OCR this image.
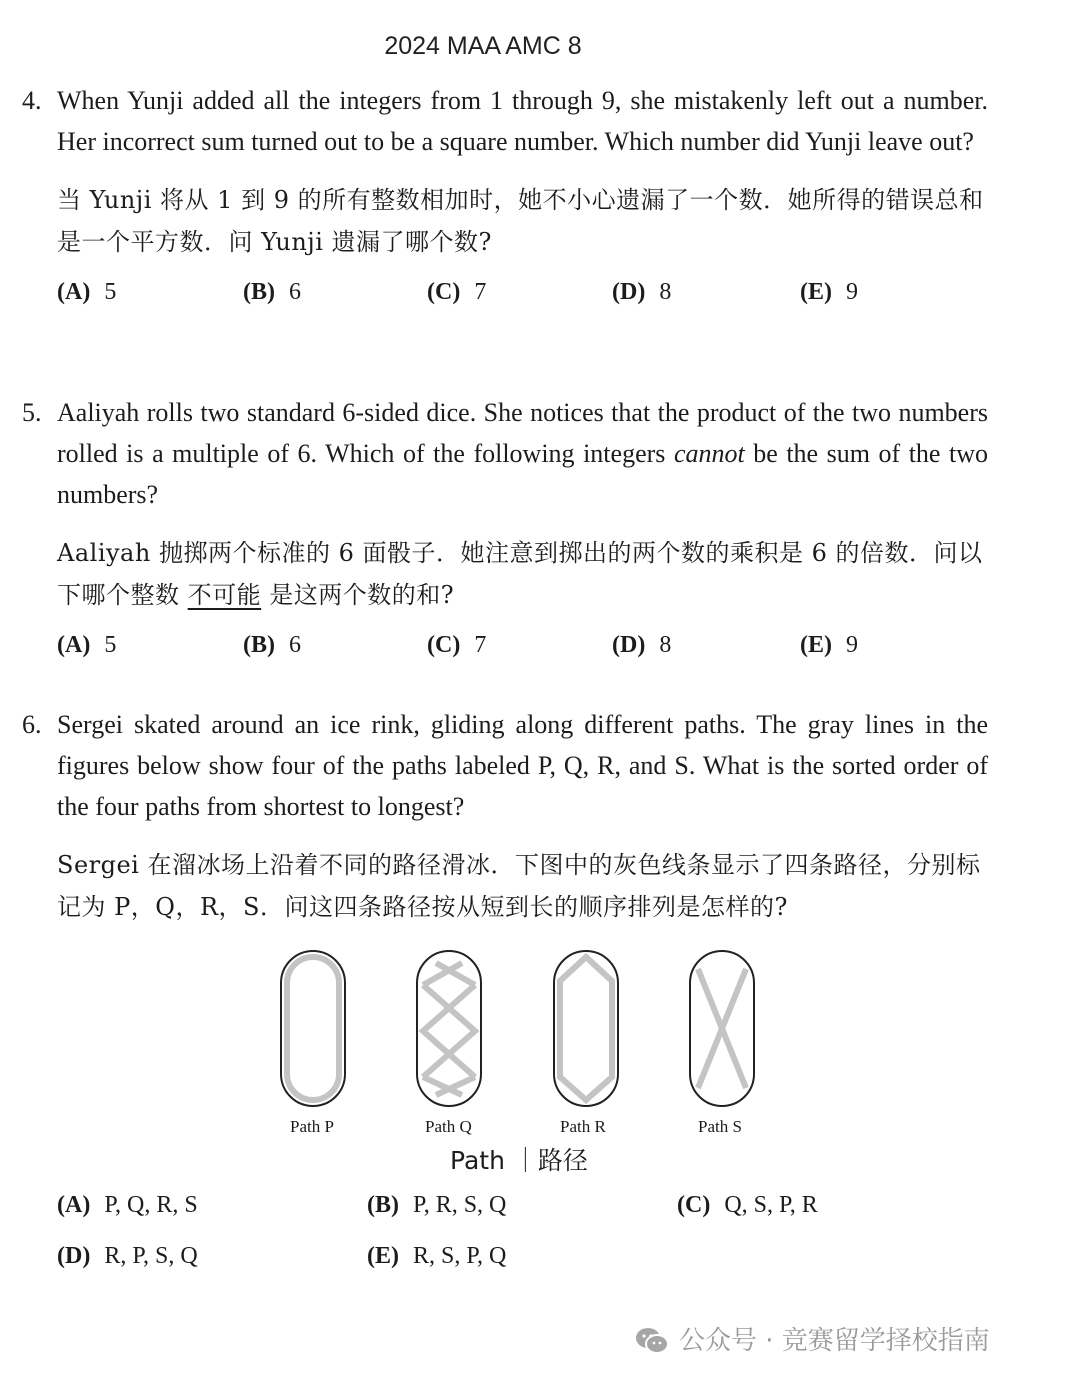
2024 MAA AMC 8
4. When Yunji added all the integers from 1 through 9, she mistakenly left out a number. Her incorrect sum turned out to be a square number. Which number did Yunji leave out?
当 Yunji 将从 1 到 9 的所有整数相加时，她不小心遗漏了一个数．她所得的错误总和是一个平方数．问 Yunji 遗漏了哪个数?
(A) 5	(B) 6	(C) 7	(D) 8	(E) 9
5. Aaliyah rolls two standard 6-sided dice. She notices that the product of the two numbers rolled is a multiple of 6. Which of the following integers cannot be the sum of the two numbers?
Aaliyah 抛掷两个标准的 6 面骰子．她注意到掷出的两个数的乘积是 6 的倍数．问以下哪个整数 不可能 是这两个数的和?
(A) 5	(B) 6	(C) 7	(D) 8	(E) 9
6. Sergei skated around an ice rink, gliding along different paths. The gray lines in the figures below show four of the paths labeled P, Q, R, and S. What is the sorted order of the four paths from shortest to longest?
Sergei 在溜冰场上沿着不同的路径滑冰．下图中的灰色线条显示了四条路径，分别标记为 P，Q，R，S．问这四条路径按从短到长的顺序排列是怎样的?
Path P	Path Q	Path R	Path S
Path ｜路径
(A) P, Q, R, S	(B) P, R, S, Q	(C) Q, S, P, R
(D) R, P, S, Q	(E) R, S, P, Q
公众号 · 竞赛留学择校指南
